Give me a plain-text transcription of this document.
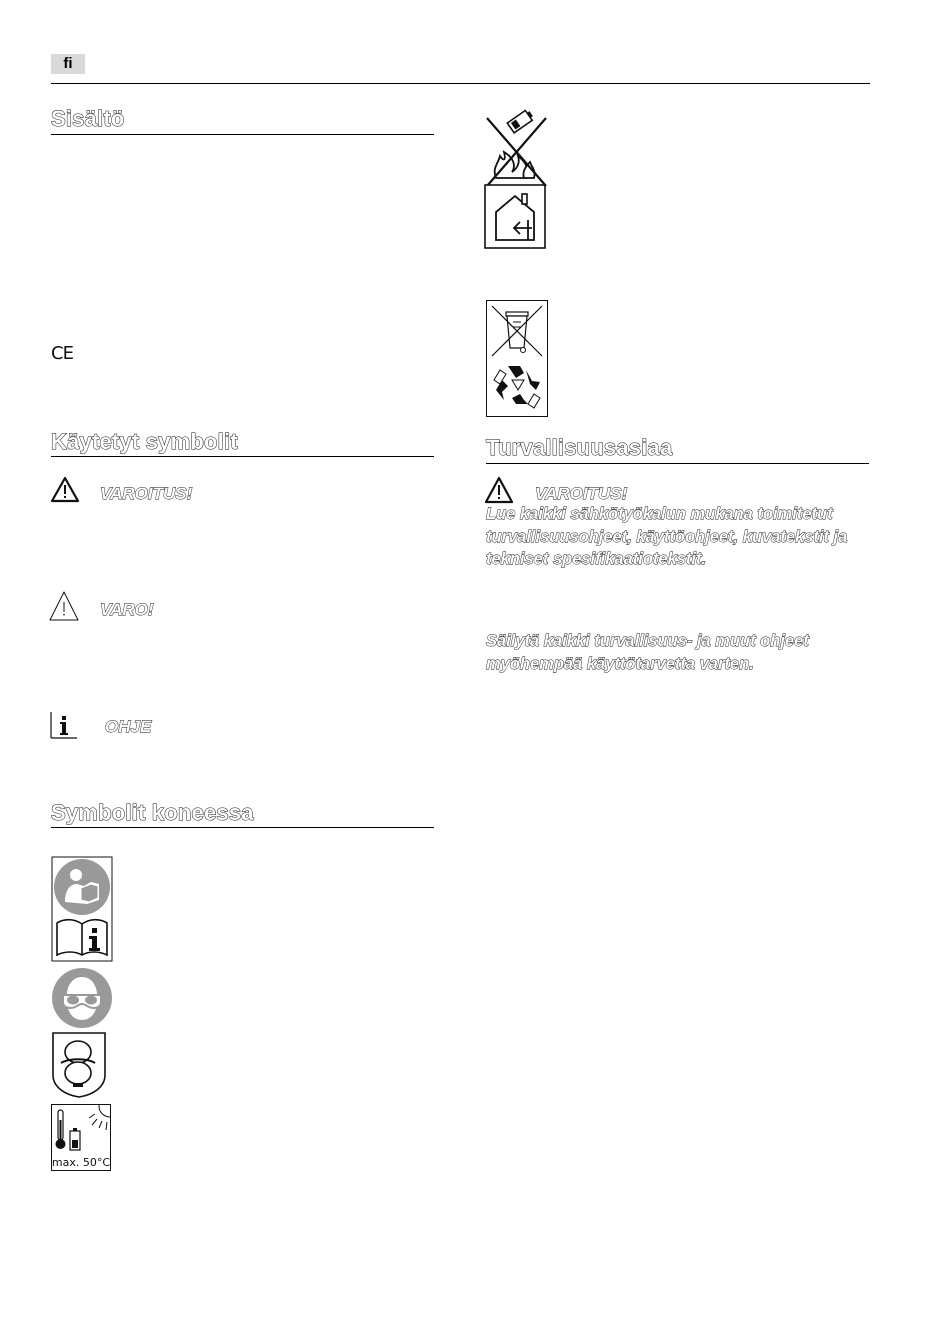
fi
Sisältö
CE
Käytetyt symbolit
VAROITUS!
VARO!
OHJE
Symbolit koneessa
max. 50°C
Turvallisuusasiaa
VAROITUS!
Lue kaikki sähkötyökalun mukana toimitetut turvallisuusohjeet, käyttöohjeet, kuvatekstit ja tekniset spesifikaatiotekstit.
Säilytä kaikki turvallisuus- ja muut ohjeet myöhempää käyttötarvetta varten.
